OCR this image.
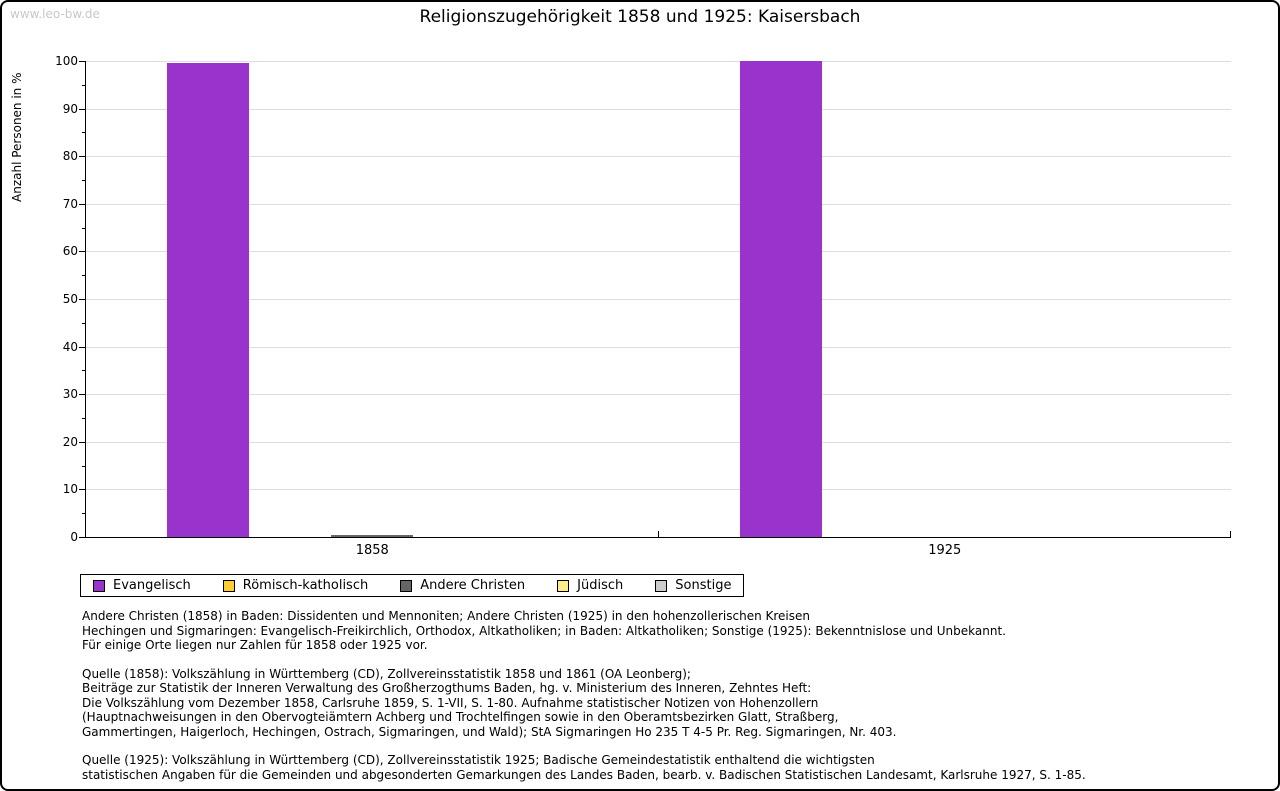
www.leo-bw.de	Religionszugehörigkeit 1858 und 1925: Kaisersbach
Anzahl Personen in %
0
10
20
30
40
50
60
70
80
90
100
1858	1925
Evangelisch	Römisch-katholisch	Andere Christen	Jüdisch	Sonstige
Andere Christen (1858) in Baden: Dissidenten und Mennoniten; Andere Christen (1925) in den hohenzollerischen Kreisen
Hechingen und Sigmaringen: Evangelisch-Freikirchlich, Orthodox, Altkatholiken; in Baden: Altkatholiken; Sonstige (1925): Bekenntnislose und Unbekannt.
Für einige Orte liegen nur Zahlen für 1858 oder 1925 vor.
Quelle (1858): Volkszählung in Württemberg (CD), Zollvereinsstatistik 1858 und 1861 (OA Leonberg);
Beiträge zur Statistik der Inneren Verwaltung des Großherzogthums Baden, hg. v. Ministerium des Inneren, Zehntes Heft:
Die Volkszählung vom Dezember 1858, Carlsruhe 1859, S. 1-VII, S. 1-80. Aufnahme statistischer Notizen von Hohenzollern
(Hauptnachweisungen in den Obervogteiämtern Achberg und Trochtelfingen sowie in den Oberamtsbezirken Glatt, Straßberg,
Gammertingen, Haigerloch, Hechingen, Ostrach, Sigmaringen, und Wald); StA Sigmaringen Ho 235 T 4-5 Pr. Reg. Sigmaringen, Nr. 403.
Quelle (1925): Volkszählung in Württemberg (CD), Zollvereinsstatistik 1925; Badische Gemeindestatistik enthaltend die wichtigsten
statistischen Angaben für die Gemeinden und abgesonderten Gemarkungen des Landes Baden, bearb. v. Badischen Statistischen Landesamt, Karlsruhe 1927, S. 1-85.
